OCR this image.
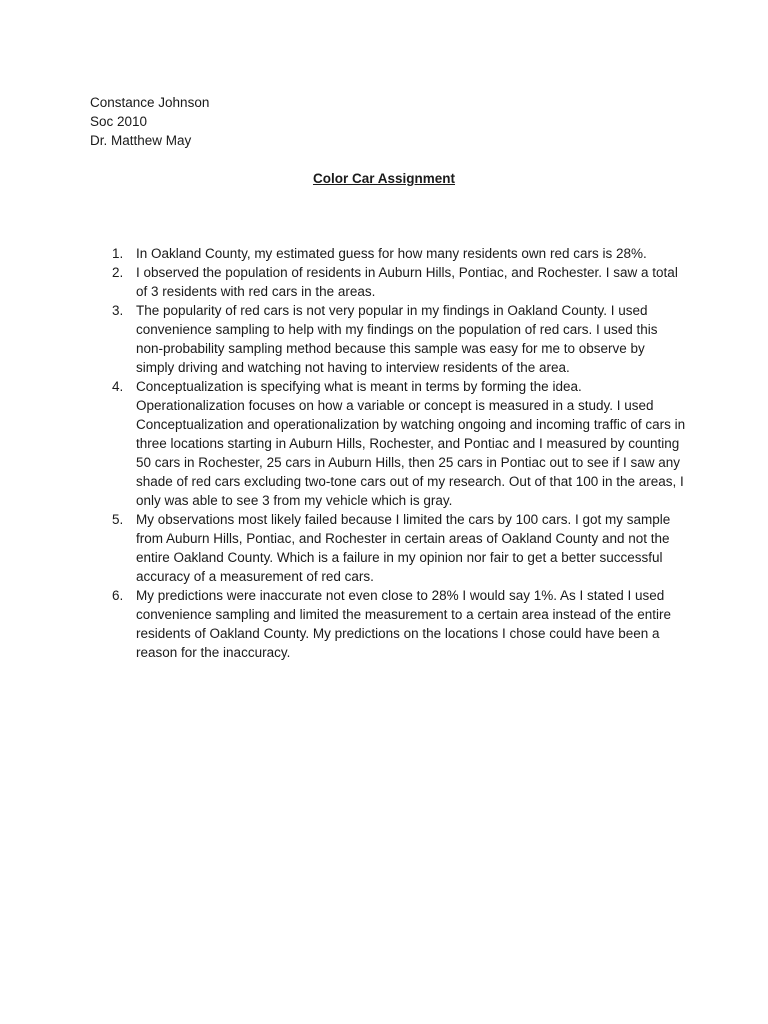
Constance Johnson
Soc 2010
Dr. Matthew May
Color Car Assignment
1. In Oakland County, my estimated guess for how many residents own red cars is 28%.
2. I observed the population of residents in Auburn Hills, Pontiac, and Rochester. I saw a total of 3 residents with red cars in the areas.
3. The popularity of red cars is not very popular in my findings in Oakland County. I used convenience sampling to help with my findings on the population of red cars. I used this non-probability sampling method because this sample was easy for me to observe by simply driving and watching not having to interview residents of the area.
4. Conceptualization is specifying what is meant in terms by forming the idea. Operationalization focuses on how a variable or concept is measured in a study. I used Conceptualization and operationalization by watching ongoing and incoming traffic of cars in three locations starting in Auburn Hills, Rochester, and Pontiac and I measured by counting 50 cars in Rochester, 25 cars in Auburn Hills, then 25 cars in Pontiac out to see if I saw any shade of red cars excluding two-tone cars out of my research. Out of that 100 in the areas, I only was able to see 3 from my vehicle which is gray.
5. My observations most likely failed because I limited the cars by 100 cars. I got my sample from Auburn Hills, Pontiac, and Rochester in certain areas of Oakland County and not the entire Oakland County. Which is a failure in my opinion nor fair to get a better successful accuracy of a measurement of red cars.
6. My predictions were inaccurate not even close to 28% I would say 1%. As I stated I used convenience sampling and limited the measurement to a certain area instead of the entire residents of Oakland County. My predictions on the locations I chose could have been a reason for the inaccuracy.
